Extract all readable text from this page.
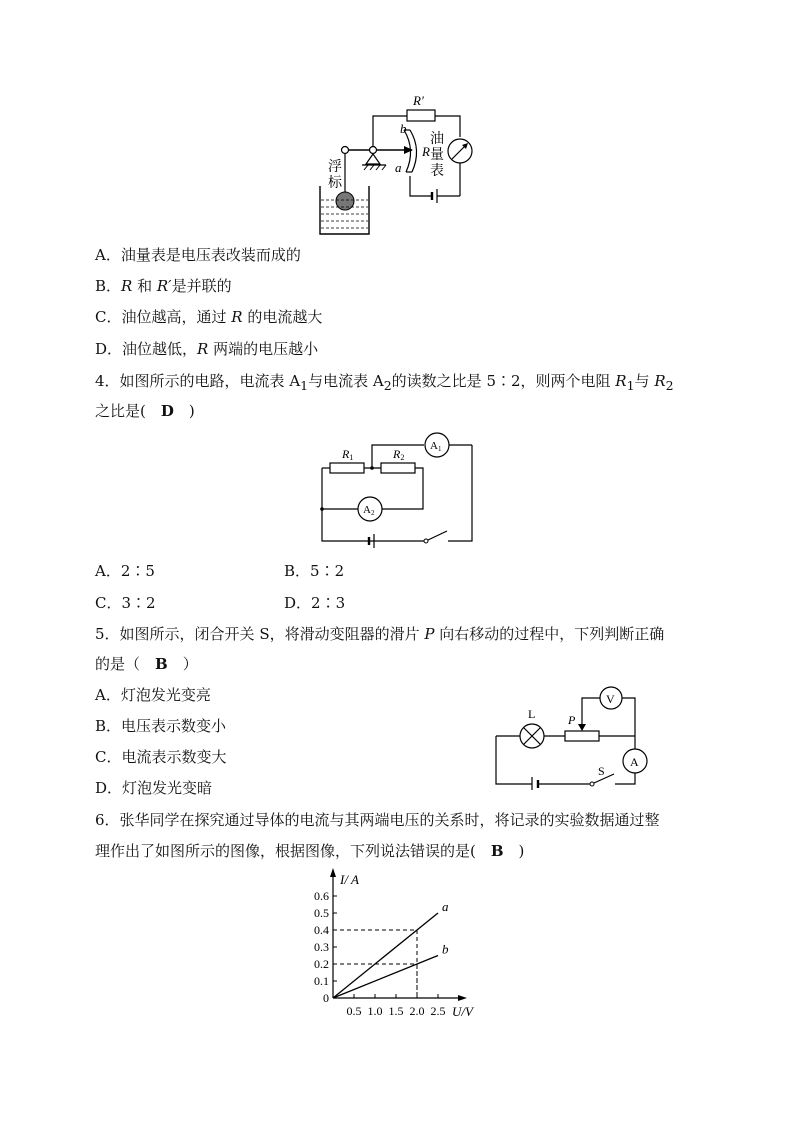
R′
油
量
表
b
R
a
浮
标
A．油量表是电压表改装而成的
B．R 和 R′是并联的
C．油位越高，通过 R 的电流越大
D．油位越低，R 两端的电压越小
4．如图所示的电路，电流表 $A_1$与电流表 $A_2$的读数之比是 5∶2，则两个电阻 $R_1$与 $R_2$
之比是(　D　)
A1
R1	R2
A2
A．2∶5	B．5∶2
C．3∶2	D．2∶3
5．如图所示，闭合开关 S，将滑动变阻器的滑片 P 向右移动的过程中，下列判断正确
的是（　B　）
A．灯泡发光变亮
B．电压表示数变小
C．电流表示数变大
D．灯泡发光变暗
S
A
L	P
V
6．张华同学在探究通过导体的电流与其两端电压的关系时，将记录的实验数据通过整
理作出了如图所示的图像，根据图像，下列说法错误的是(　B　)
0
0.1
0.2
0.3
0.4
0.5
0.6
0.5 1.0 1.5 2.0 2.5
a
b
I/ A
U/V
